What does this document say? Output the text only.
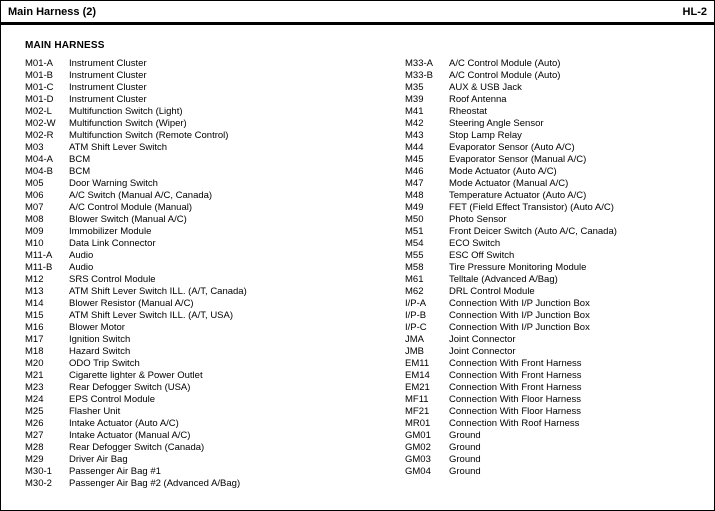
Main Harness (2)	HL-2
MAIN HARNESS
M01-A	Instrument Cluster
M01-B	Instrument Cluster
M01-C	Instrument Cluster
M01-D	Instrument Cluster
M02-L	Multifunction Switch (Light)
M02-W	Multifunction Switch (Wiper)
M02-R	Multifunction Switch (Remote Control)
M03	ATM Shift Lever Switch
M04-A	BCM
M04-B	BCM
M05	Door Warning Switch
M06	A/C Switch (Manual A/C, Canada)
M07	A/C Control Module (Manual)
M08	Blower Switch (Manual A/C)
M09	Immobilizer Module
M10	Data Link Connector
M11-A	Audio
M11-B	Audio
M12	SRS Control Module
M13	ATM Shift Lever Switch ILL. (A/T, Canada)
M14	Blower Resistor (Manual A/C)
M15	ATM Shift Lever Switch ILL. (A/T, USA)
M16	Blower Motor
M17	Ignition Switch
M18	Hazard Switch
M20	ODO Trip Switch
M21	Cigarette lighter & Power Outlet
M23	Rear Defogger Switch (USA)
M24	EPS Control Module
M25	Flasher Unit
M26	Intake Actuator (Auto A/C)
M27	Intake Actuator (Manual A/C)
M28	Rear Defogger Switch (Canada)
M29	Driver Air Bag
M30-1	Passenger Air Bag #1
M30-2	Passenger Air Bag #2 (Advanced A/Bag)
M33-A	A/C Control Module (Auto)
M33-B	A/C Control Module (Auto)
M35	AUX & USB Jack
M39	Roof Antenna
M41	Rheostat
M42	Steering Angle Sensor
M43	Stop Lamp Relay
M44	Evaporator Sensor (Auto A/C)
M45	Evaporator Sensor (Manual A/C)
M46	Mode Actuator (Auto A/C)
M47	Mode Actuator (Manual A/C)
M48	Temperature Actuator (Auto A/C)
M49	FET (Field Effect Transistor) (Auto A/C)
M50	Photo Sensor
M51	Front Deicer Switch (Auto A/C, Canada)
M54	ECO Switch
M55	ESC Off Switch
M58	Tire Pressure Monitoring Module
M61	Telltale (Advanced A/Bag)
M62	DRL Control Module
I/P-A	Connection With I/P Junction Box
I/P-B	Connection With I/P Junction Box
I/P-C	Connection With I/P Junction Box
JMA	Joint Connector
JMB	Joint Connector
EM11	Connection With Front Harness
EM14	Connection With Front Harness
EM21	Connection With Front Harness
MF11	Connection With Floor Harness
MF21	Connection With Floor Harness
MR01	Connection With Roof Harness
GM01	Ground
GM02	Ground
GM03	Ground
GM04	Ground
